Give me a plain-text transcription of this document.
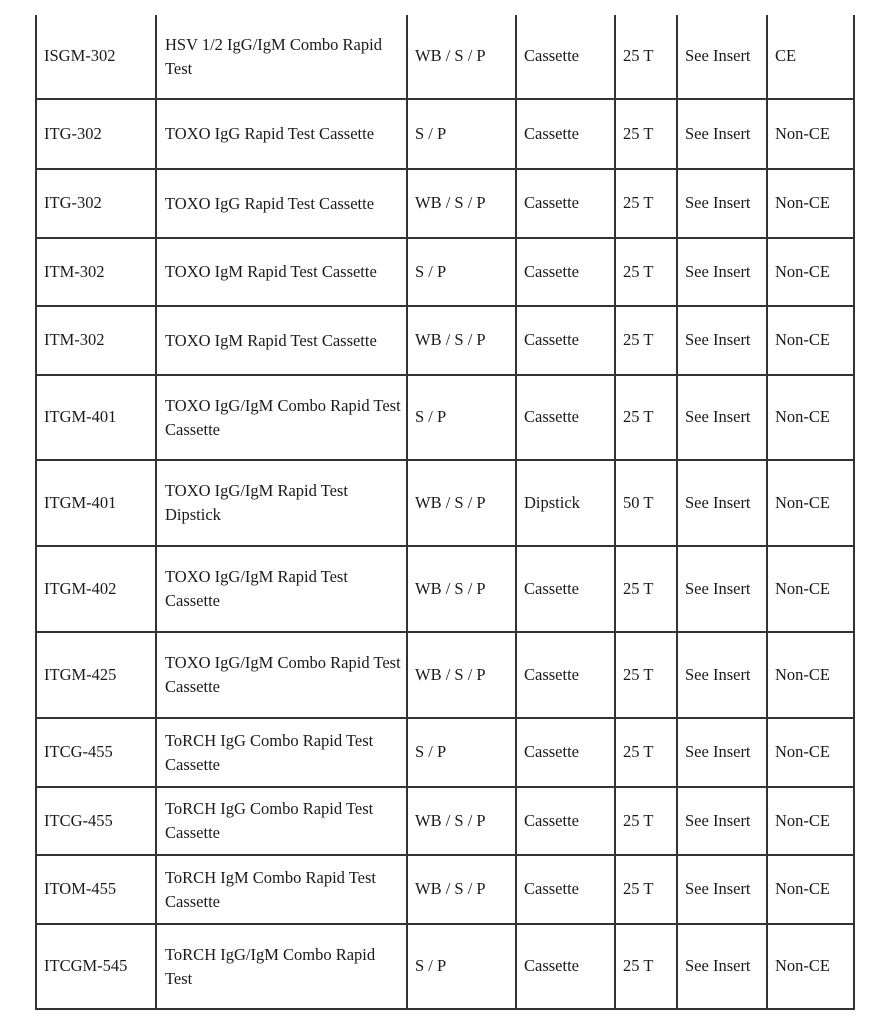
ISGM-302	HSV 1/2 IgG/IgM Combo Rapid Test	WB / S / P	Cassette	25 T	See Insert	CE
ITG-302	TOXO IgG Rapid Test Cassette	S / P	Cassette	25 T	See Insert	Non-CE
ITG-302	TOXO IgG Rapid Test Cassette	WB / S / P	Cassette	25 T	See Insert	Non-CE
ITM-302	TOXO IgM Rapid Test Cassette	S / P	Cassette	25 T	See Insert	Non-CE
ITM-302	TOXO IgM Rapid Test Cassette	WB / S / P	Cassette	25 T	See Insert	Non-CE
ITGM-401	TOXO IgG/IgM Combo Rapid Test Cassette	S / P	Cassette	25 T	See Insert	Non-CE
ITGM-401	TOXO IgG/IgM Rapid Test Dipstick	WB / S / P	Dipstick	50 T	See Insert	Non-CE
ITGM-402	TOXO IgG/IgM Rapid Test Cassette	WB / S / P	Cassette	25 T	See Insert	Non-CE
ITGM-425	TOXO IgG/IgM Combo Rapid Test Cassette	WB / S / P	Cassette	25 T	See Insert	Non-CE
ITCG-455	ToRCH IgG Combo Rapid Test Cassette	S / P	Cassette	25 T	See Insert	Non-CE
ITCG-455	ToRCH IgG Combo Rapid Test Cassette	WB / S / P	Cassette	25 T	See Insert	Non-CE
ITOM-455	ToRCH IgM Combo Rapid Test Cassette	WB / S / P	Cassette	25 T	See Insert	Non-CE
ITCGM-545	ToRCH IgG/IgM Combo Rapid Test	S / P	Cassette	25 T	See Insert	Non-CE
